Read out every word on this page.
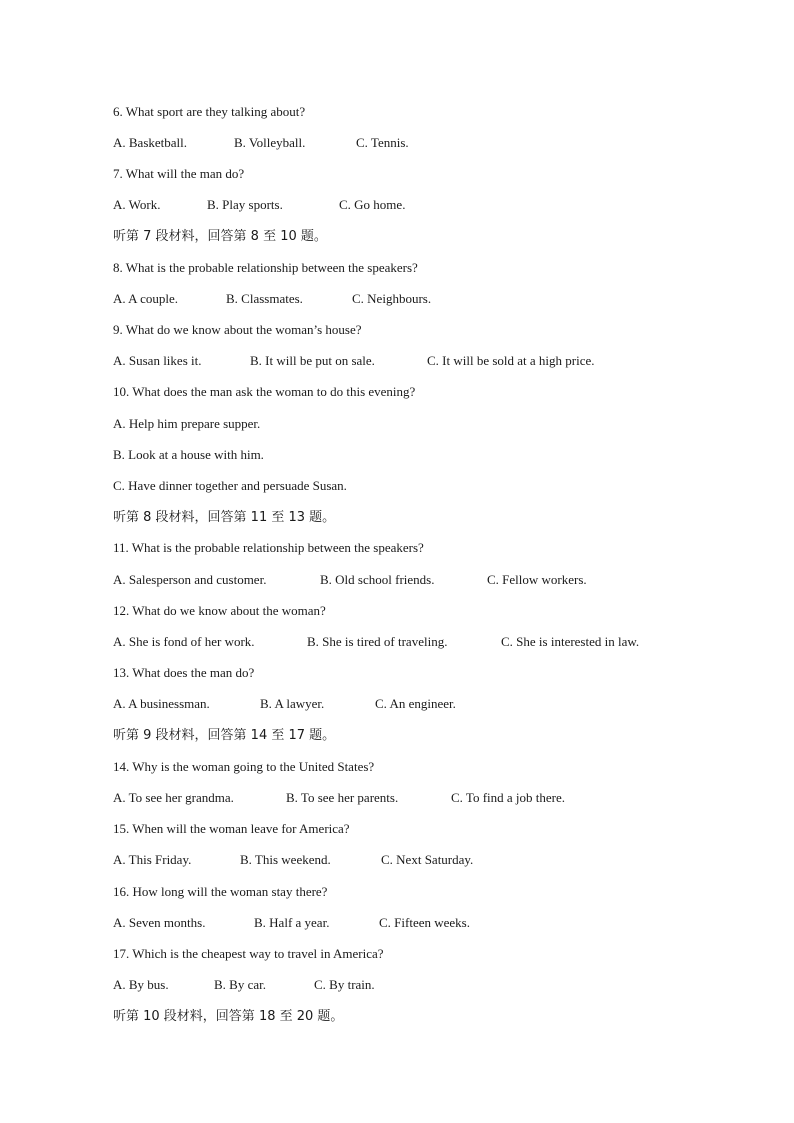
6. What sport are they talking about?
A. Basketball.	B. Volleyball.	C. Tennis.
7. What will the man do?
A. Work.	B. Play sports.	C. Go home.
听第 7 段材料，回答第 8 至 10 题。
8. What is the probable relationship between the speakers?
A. A couple.	B. Classmates.	C. Neighbours.
9. What do we know about the woman’s house?
A. Susan likes it.	B. It will be put on sale.	C. It will be sold at a high price.
10. What does the man ask the woman to do this evening?
A. Help him prepare supper.
B. Look at a house with him.
C. Have dinner together and persuade Susan.
听第 8 段材料，回答第 11 至 13 题。
11. What is the probable relationship between the speakers?
A. Salesperson and customer.	B. Old school friends.	C. Fellow workers.
12. What do we know about the woman?
A. She is fond of her work.	B. She is tired of traveling.	C. She is interested in law.
13. What does the man do?
A. A businessman.	B. A lawyer.	C. An engineer.
听第 9 段材料，回答第 14 至 17 题。
14. Why is the woman going to the United States?
A. To see her grandma.	B. To see her parents.	C. To find a job there.
15. When will the woman leave for America?
A. This Friday.	B. This weekend.	C. Next Saturday.
16. How long will the woman stay there?
A. Seven months.	B. Half a year.	C. Fifteen weeks.
17. Which is the cheapest way to travel in America?
A. By bus.	B. By car.	C. By train.
听第 10 段材料，回答第 18 至 20 题。
